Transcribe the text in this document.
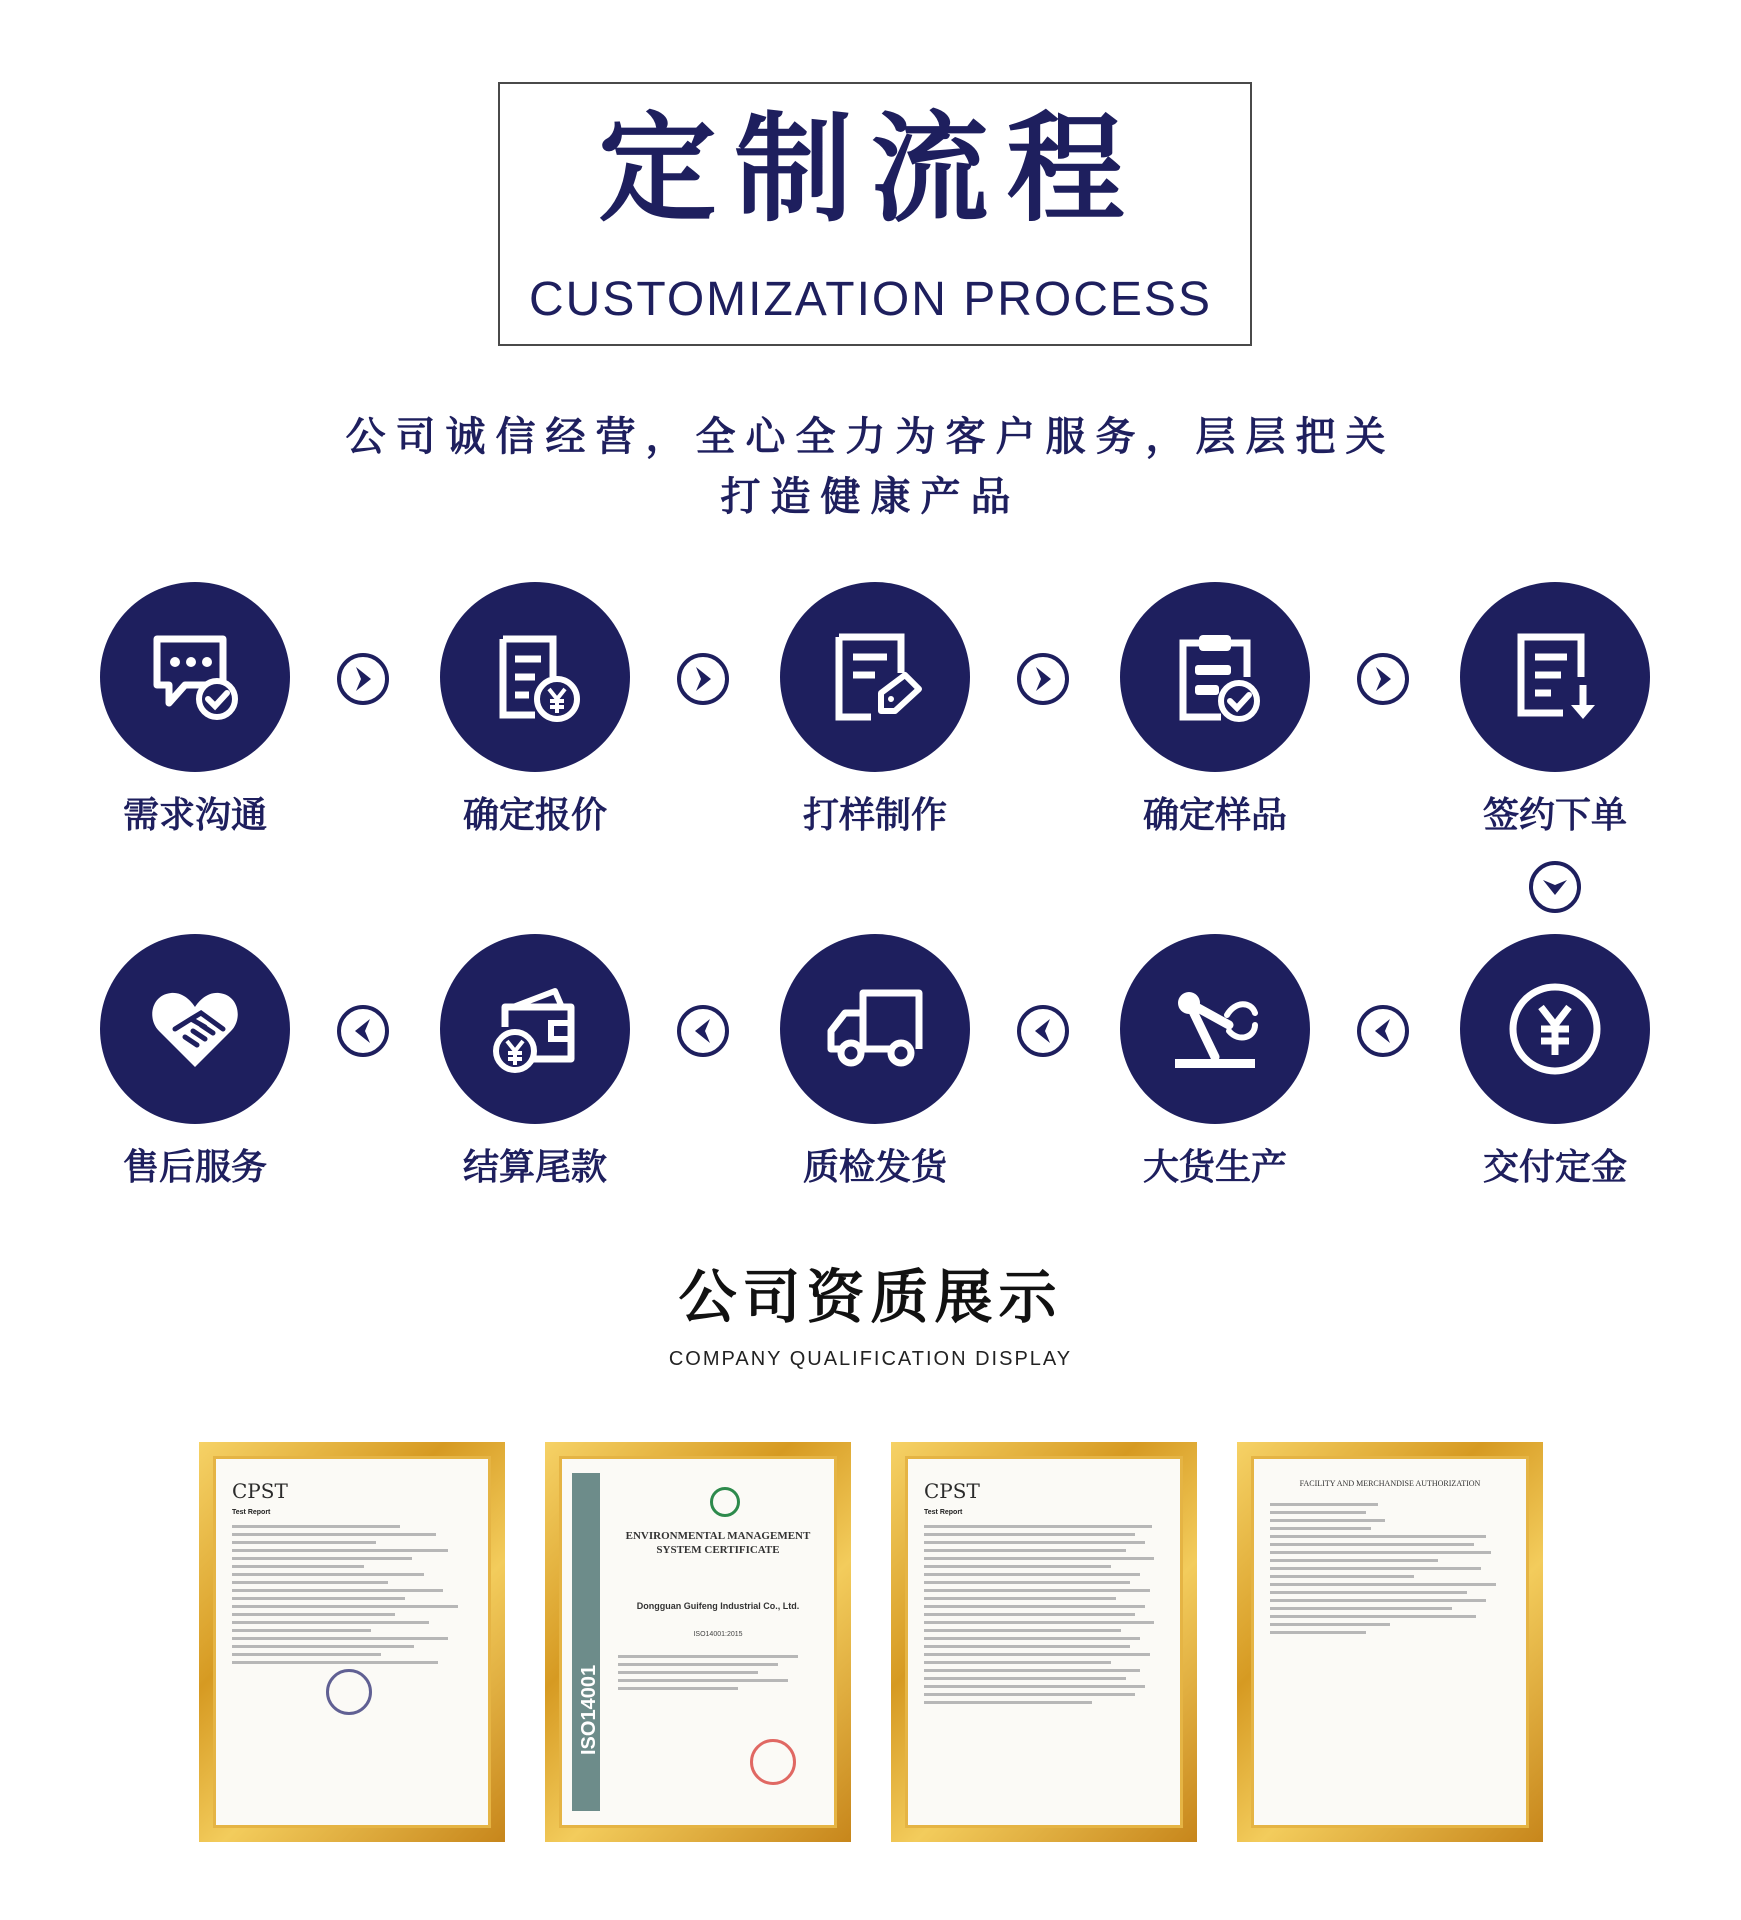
定制流程
CUSTOMIZATION PROCESS
公司诚信经营，全心全力为客户服务，层层把关
打造健康产品
需求沟通	确定报价	打样制作	确定样品	签约下单
售后服务	结算尾款	质检发货	大货生产	交付定金
公司资质展示
COMPANY QUALIFICATION DISPLAY
CPST
Test Report
ISO14001
ENVIRONMENTAL MANAGEMENT SYSTEM CERTIFICATE
Dongguan Guifeng Industrial Co., Ltd.
ISO14001:2015
CPST
Test Report
FACILITY AND MERCHANDISE AUTHORIZATION
